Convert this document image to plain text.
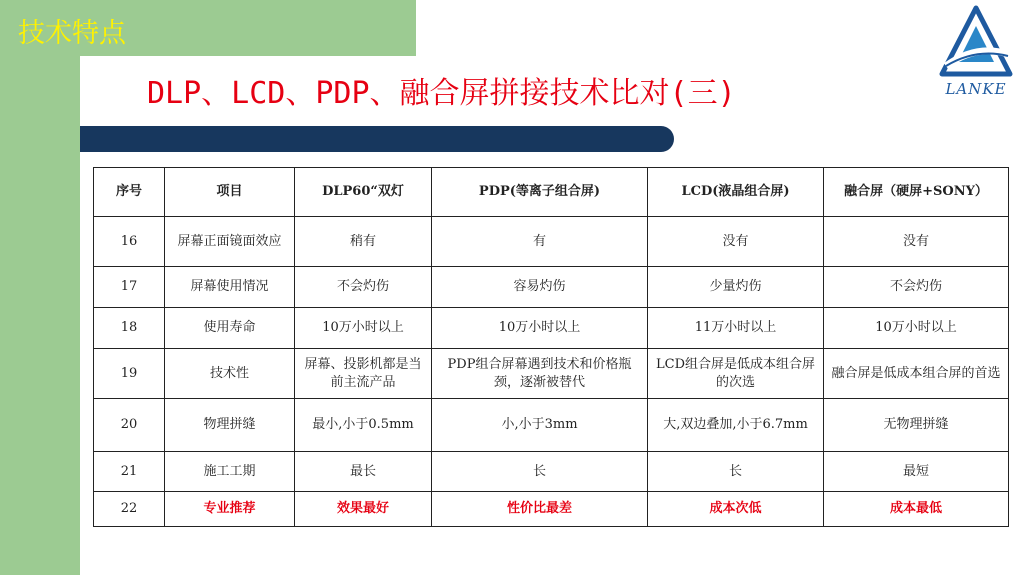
技术特点
DLP、LCD、PDP、融合屏拼接技术比对(三)	LANKE
序号	项目	DLP60“双灯	PDP(等离子组合屏)	LCD(液晶组合屏)	融合屏（硬屏+SONY）
16	屏幕正面镜面效应	稍有	有	没有	没有
17	屏幕使用情况	不会灼伤	容易灼伤	少量灼伤	不会灼伤
18	使用寿命	10万小时以上	10万小时以上	11万小时以上	10万小时以上
19	技术性	屏幕、投影机都是当前主流产品	PDP组合屏幕遇到技术和价格瓶颈，逐渐被替代	LCD组合屏是低成本组合屏的次选	融合屏是低成本组合屏的首选
20	物理拼缝	最小,小于0.5mm	小,小于3mm	大,双边叠加,小于6.7mm	无物理拼缝
21	施工工期	最长	长	长	最短
22	专业推荐	效果最好	性价比最差	成本次低	成本最低
